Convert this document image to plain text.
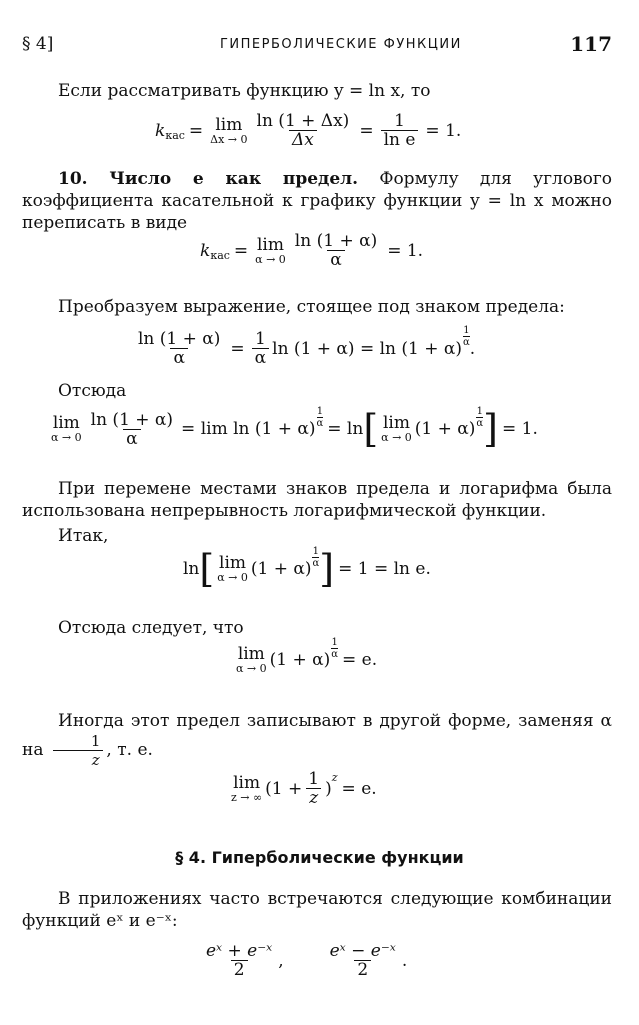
§ 4]	ГИПЕРБОЛИЧЕСКИЕ ФУНКЦИИ	117
Если рассматривать функцию y = ln x, то
k кас = lim
$\Delta x \to 0 \frac{\ln (1 + \Delta x)}{\Delta x} = \frac{1}{\text{ln e}} = 1$.
10. Число e как предел. Формулу для углового коэффициента касательной к графику функции y = ln x можно переписать в виде
k кас = lim
$\alpha \to 0 \frac{\ln (1 + \alpha)}{\alpha} = 1$.
Преобразуем выражение, стоящее под знаком предела:
$\frac{\ln (1 + \alpha)}{\alpha} = \frac{1}{\alpha}$ ln (1 + α) = ln (1 + α)
1
α .
Отсюда
lim
$\alpha \to 0 \frac{\ln (1 + \alpha)}{\alpha} = \lim \ln (1 + \alpha)$
$\frac{1}{\alpha}$
= ln [ lim
α → 0 (1 + α)
1
α ] = 1.
При перемене местами знаков предела и логарифма была использована непрерывность логарифмической функции.
Итак,
ln [ lim
α → 0 (1 + α)
1
α ] = 1 = ln e.
Отсюда следует, что
lim
α → 0 (1 + α)
$\frac{1}{\alpha}$
= e.
Иногда этот предел записывают в другой форме, заменяя α на $\frac{1}{z}$ , т. е.
lim
z → ∞ ($1 + \frac{1}{z}$ )
z
= e.
§ 4. Гиперболические функции
В приложениях часто встречаются следующие комбинации функций eˣ и e⁻ˣ:
$\frac{\text{eˣ + e⁻ˣ}}{2}$ ,	$\frac{\text{eˣ − e⁻ˣ}}{2}$ .
